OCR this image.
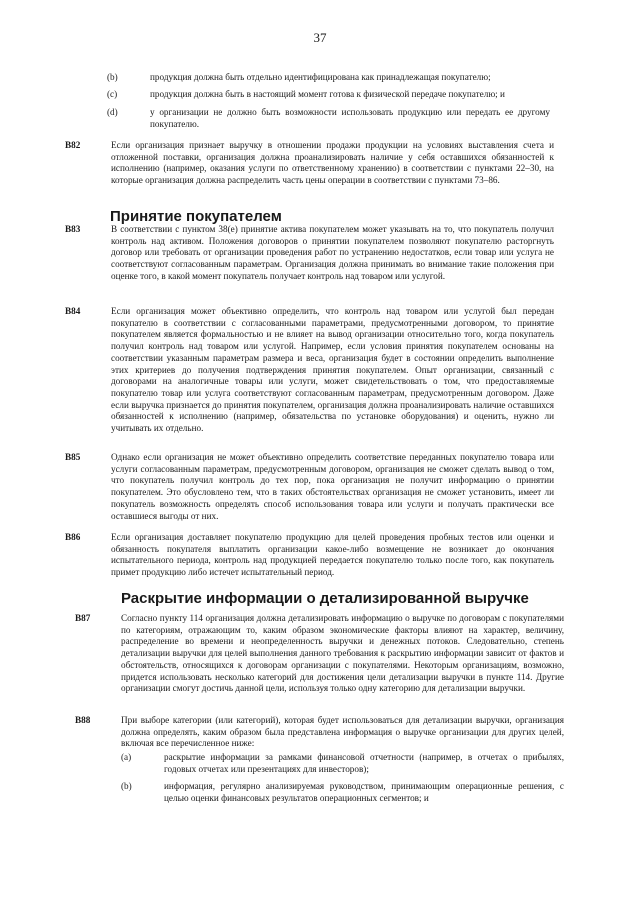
37
(b)	продукция должна быть отдельно идентифицирована как принадлежащая покупателю;
(c)	продукция должна быть в настоящий момент готова к физической передаче покупателю; и
(d)	у организации не должно быть возможности использовать продукцию или передать ее другому покупателю.
B82	Если организация признает выручку в отношении продажи продукции на условиях выставления счета и отложенной поставки, организация должна проанализировать наличие у себя оставшихся обязанностей к исполнению (например, оказания услуги по ответственному хранению) в соответствии с пунктами 22–30, на которые организация должна распределить часть цены операции в соответствии с пунктами 73–86.
Принятие покупателем
B83	В соответствии с пунктом 38(e) принятие актива покупателем может указывать на то, что покупатель получил контроль над активом. Положения договоров о принятии покупателем позволяют покупателю расторгнуть договор или требовать от организации проведения работ по устранению недостатков, если товар или услуга не соответствуют согласованным параметрам. Организация должна принимать во внимание такие положения при оценке того, в какой момент покупатель получает контроль над товаром или услугой.
B84	Если организация может объективно определить, что контроль над товаром или услугой был передан покупателю в соответствии с согласованными параметрами, предусмотренными договором, то принятие покупателем является формальностью и не влияет на вывод организации относительно того, когда покупатель получил контроль над товаром или услугой. Например, если условия принятия покупателем основаны на соответствии указанным параметрам размера и веса, организация будет в состоянии определить выполнение этих критериев до получения подтверждения принятия покупателем. Опыт организации, связанный с договорами на аналогичные товары или услуги, может свидетельствовать о том, что предоставляемые покупателю товар или услуга соответствуют согласованным параметрам, предусмотренным договором. Даже если выручка признается до принятия покупателем, организация должна проанализировать наличие оставшихся обязанностей к исполнению (например, обязательства по установке оборудования) и оценить, нужно ли учитывать их отдельно.
B85	Однако если организация не может объективно определить соответствие переданных покупателю товара или услуги согласованным параметрам, предусмотренным договором, организация не сможет сделать вывод о том, что покупатель получил контроль до тех пор, пока организация не получит информацию о принятии покупателем. Это обусловлено тем, что в таких обстоятельствах организация не сможет установить, имеет ли покупатель возможность определять способ использования товара или услуги и получать практически все оставшиеся выгоды от них.
B86	Если организация доставляет покупателю продукцию для целей проведения пробных тестов или оценки и обязанность покупателя выплатить организации какое-либо возмещение не возникает до окончания испытательного периода, контроль над продукцией передается покупателю только после того, как покупатель примет продукцию либо истечет испытательный период.
Раскрытие информации о детализированной выручке
B87	Согласно пункту 114 организация должна детализировать информацию о выручке по договорам с покупателями по категориям, отражающим то, каким образом экономические факторы влияют на характер, величину, распределение во времени и неопределенность выручки и денежных потоков. Следовательно, степень детализации выручки для целей выполнения данного требования к раскрытию информации зависит от фактов и обстоятельств, относящихся к договорам организации с покупателями. Некоторым организациям, возможно, придется использовать несколько категорий для достижения цели детализации выручки в пункте 114. Другие организации смогут достичь данной цели, используя только одну категорию для детализации выручки.
B88	При выборе категории (или категорий), которая будет использоваться для детализации выручки, организация должна определять, каким образом была представлена информация о выручке организации для других целей, включая все перечисленное ниже:
(a)	раскрытие информации за рамками финансовой отчетности (например, в отчетах о прибылях, годовых отчетах или презентациях для инвесторов);
(b)	информация, регулярно анализируемая руководством, принимающим операционные решения, с целью оценки финансовых результатов операционных сегментов; и
